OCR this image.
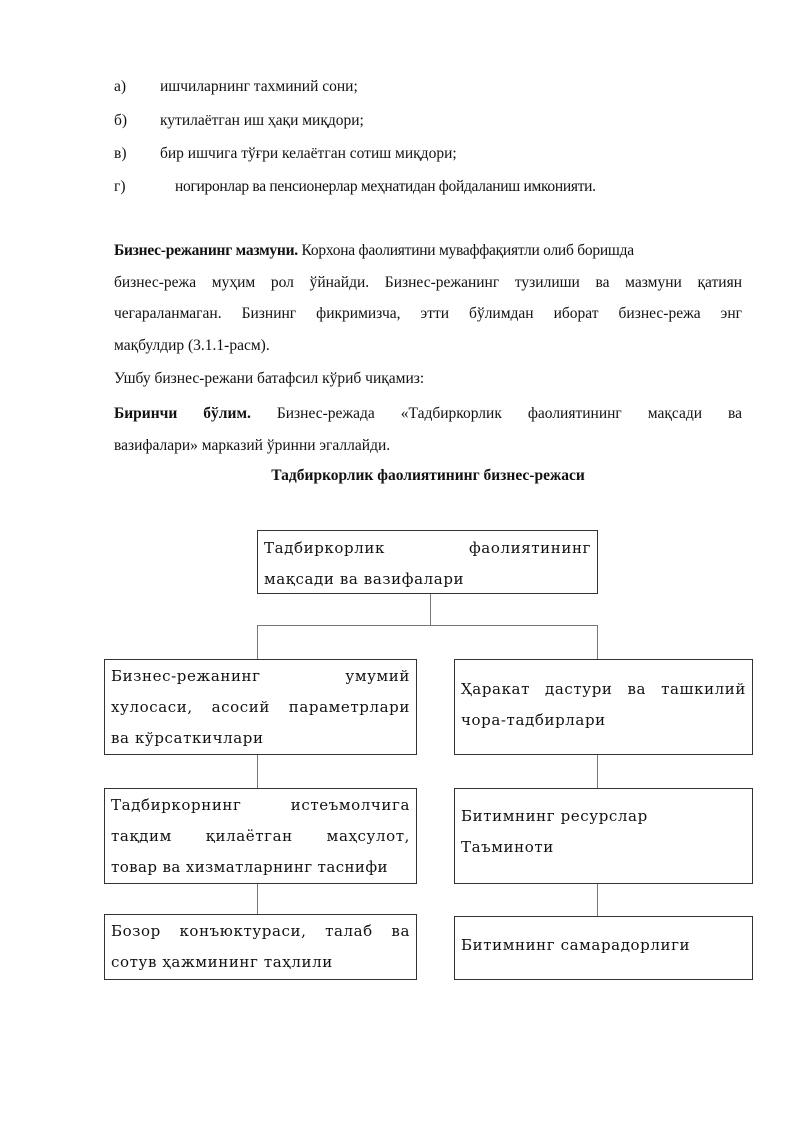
а) ишчиларнинг тахминий сони;
б) кутилаётган иш ҳақи миқдори;
в) бир ишчига тўғри келаётган сотиш миқдори;
г)	ногиронлар ва пенсионерлар меҳнатидан фойдаланиш имконияти.
Бизнес-режанинг мазмуни. Корхона фаолиятини муваффақиятли олиб боришда
бизнес-режа муҳим рол ўйнайди. Бизнес-режанинг тузилиши ва мазмуни қатиян
чегараланмаган. Бизнинг фикримизча, этти бўлимдан иборат бизнес-режа энг
мақбулдир (3.1.1-расм).
Ушбу бизнес-режани батафсил кўриб чиқамиз:
Биринчи бўлим. Бизнес-режада «Тадбиркорлик фаолиятининг мақсади ва
вазифалари» марказий ўринни эгаллайди.
Тадбиркорлик фаолиятининг бизнес-режаси
Тадбиркорлик фаолиятининг
мақсади ва вазифалари
Бизнес-режанинг умумий
хулосаси, асосий параметрлари
ва кўрсаткичлари
Тадбиркорнинг истеъмолчига
тақдим қилаётган маҳсулот,
товар ва хизматларнинг таснифи
Бозор конъюктураси, талаб ва
сотув ҳажмининг таҳлили
Ҳаракат дастури ва ташкилий
чора-тадбирлари
Битимнинг ресурслар
Таъминоти
Битимнинг самарадорлиги
